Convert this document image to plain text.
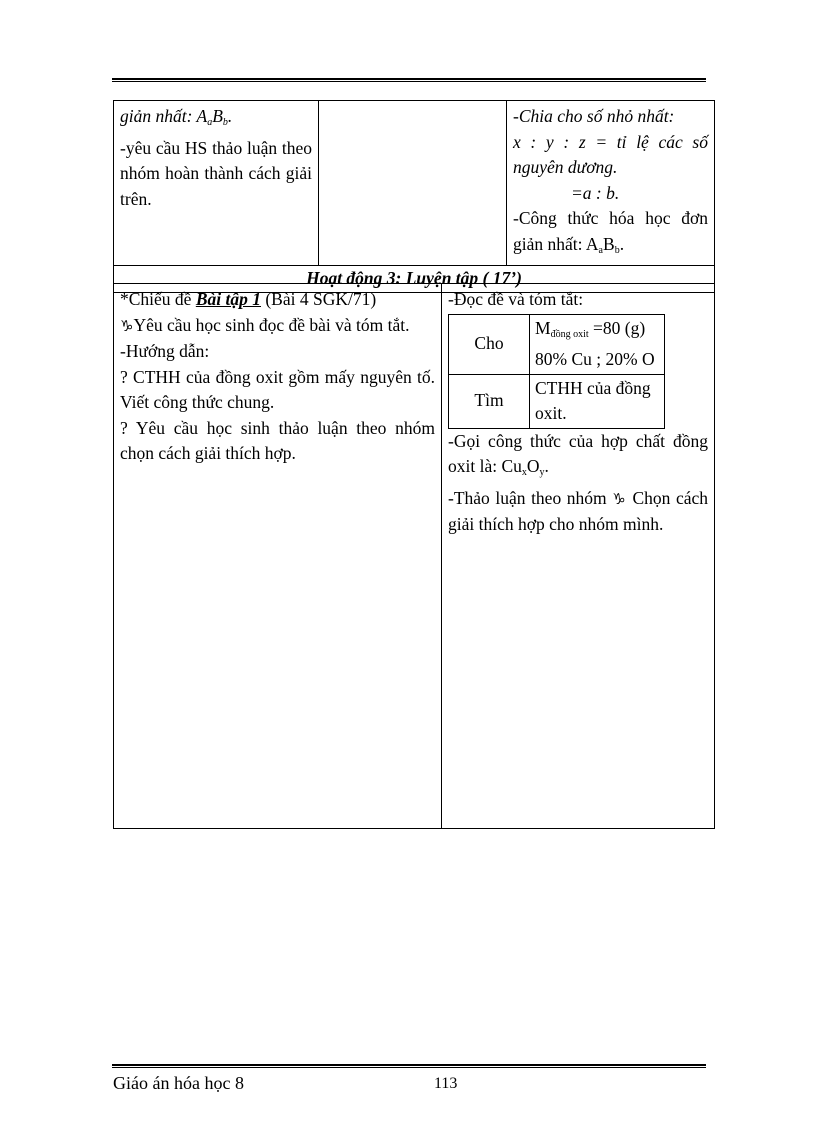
giản nhất: $A_aB_b$.
-yêu cầu HS thảo luận theo nhóm hoàn thành cách giải trên.

-Chia cho số nhỏ nhất:
x : y : z = tỉ lệ các số nguyên dương.
=a : b.
-Công thức hóa học đơn giản nhất: $A_aB_b$.

Hoạt động 3: Luyện tập ( 17’)
*Chiếu đề Bài tập 1 (Bài 4 SGK/71)
♑Yêu cầu học sinh đọc đề bài và tóm tắt.
-Hướng dẫn:
? CTHH của đồng oxit gồm mấy nguyên tố. Viết công thức chung.
? Yêu cầu học sinh thảo luận theo nhóm chọn cách giải thích hợp.

-Đọc đề và tóm tắt:
Cho	$M_{đồng oxit} =80$ (g)
80% Cu ; 20% O
Tìm	CTHH của đồng oxit.
-Gọi công thức của hợp chất đồng oxit là: $Cu_xO_y$.
-Thảo luận theo nhóm ♑ Chọn cách giải thích hợp cho nhóm mình.
Giáo án hóa học 8	113
